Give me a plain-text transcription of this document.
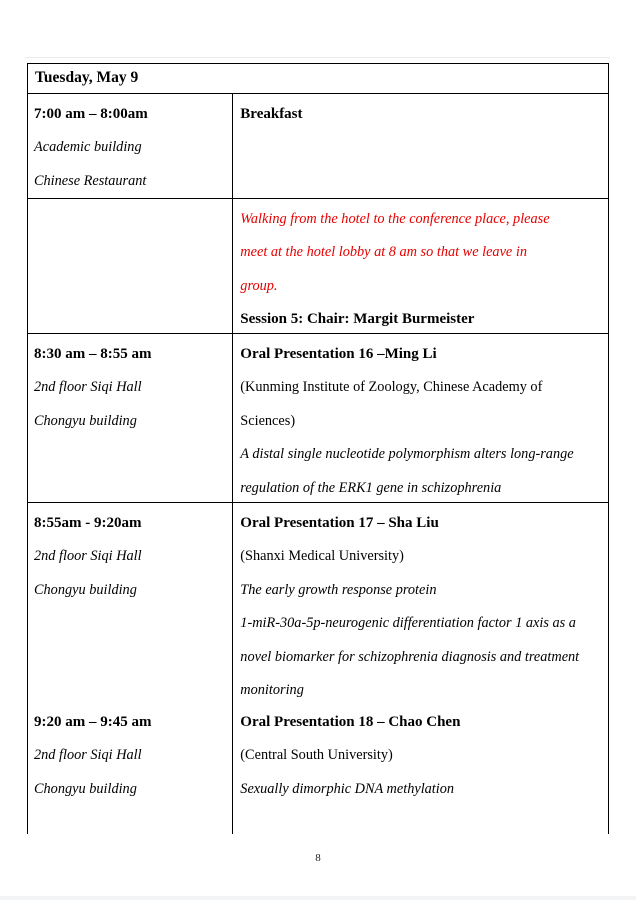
Tuesday, May 9
7:00 am – 8:00am
Academic building
Chinese Restaurant
Breakfast
Walking from the hotel to the conference place, please
meet at the hotel lobby at 8 am so that we leave in
group.
Session 5: Chair: Margit Burmeister
8:30 am – 8:55 am
2nd floor Siqi Hall
Chongyu building
Oral Presentation 16 –Ming Li
(Kunming Institute of Zoology, Chinese Academy of
Sciences)
A distal single nucleotide polymorphism alters long-range
regulation of the ERK1 gene in schizophrenia
8:55am - 9:20am
2nd floor Siqi Hall
Chongyu building
9:20 am – 9:45 am
2nd floor Siqi Hall
Chongyu building
Oral Presentation 17 – Sha Liu
(Shanxi Medical University)
The early growth response protein
1-miR-30a-5p-neurogenic differentiation factor 1 axis as a
novel biomarker for schizophrenia diagnosis and treatment
monitoring
Oral Presentation 18 – Chao Chen
(Central South University)
Sexually dimorphic DNA methylation
8
